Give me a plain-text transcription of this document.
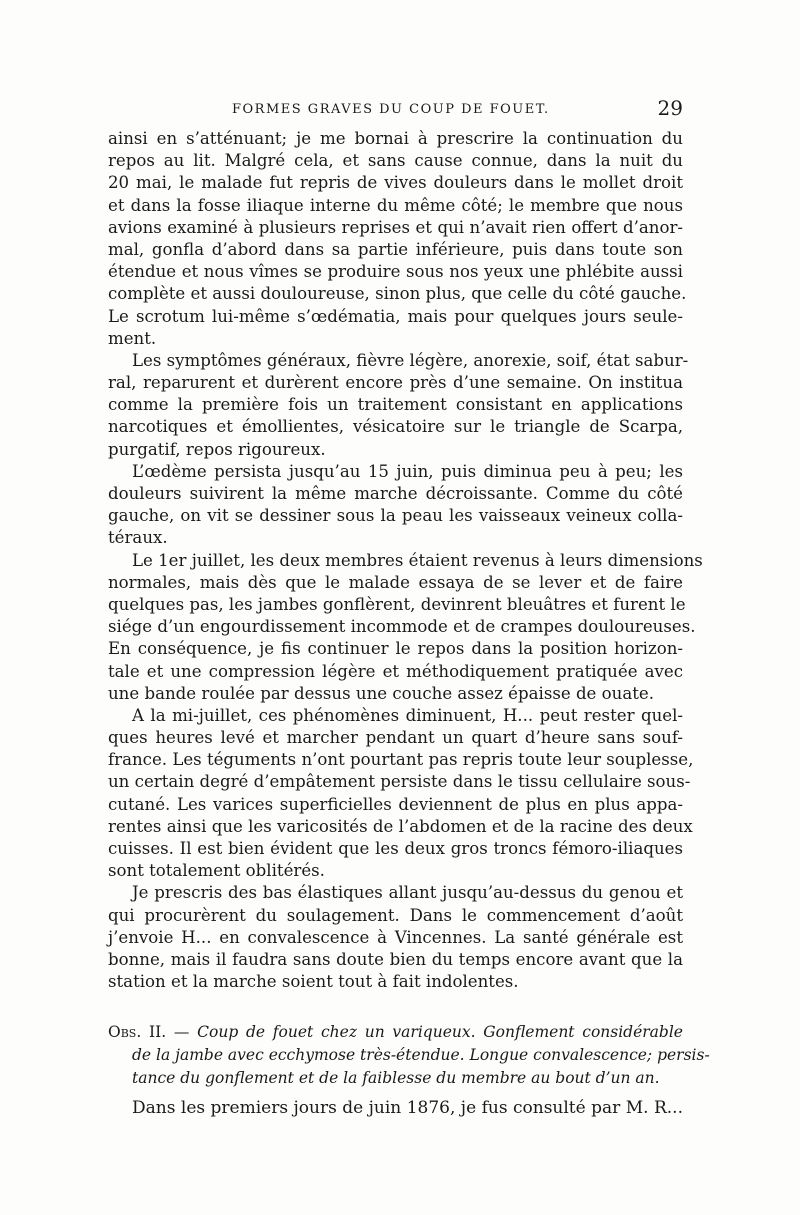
FORMES GRAVES DU COUP DE FOUET.	29
ainsi en s’atténuant; je me bornai à prescrire la continuation du
repos au lit. Malgré cela, et sans cause connue, dans la nuit du
20 mai, le malade fut repris de vives douleurs dans le mollet droit
et dans la fosse iliaque interne du même côté; le membre que nous
avions examiné à plusieurs reprises et qui n’avait rien offert d’anor-
mal, gonfla d’abord dans sa partie inférieure, puis dans toute son
étendue et nous vîmes se produire sous nos yeux une phlébite aussi
complète et aussi douloureuse, sinon plus, que celle du côté gauche.
Le scrotum lui-même s’œdématia, mais pour quelques jours seule-
ment.
Les symptômes généraux, fièvre légère, anorexie, soif, état sabur-
ral, reparurent et durèrent encore près d’une semaine. On institua
comme la première fois un traitement consistant en applications
narcotiques et émollientes, vésicatoire sur le triangle de Scarpa,
purgatif, repos rigoureux.
L’œdème persista jusqu’au 15 juin, puis diminua peu à peu; les
douleurs suivirent la même marche décroissante. Comme du côté
gauche, on vit se dessiner sous la peau les vaisseaux veineux colla-
téraux.
Le 1er juillet, les deux membres étaient revenus à leurs dimensions
normales, mais dès que le malade essaya de se lever et de faire
quelques pas, les jambes gonflèrent, devinrent bleuâtres et furent le
siége d’un engourdissement incommode et de crampes douloureuses.
En conséquence, je fis continuer le repos dans la position horizon-
tale et une compression légère et méthodiquement pratiquée avec
une bande roulée par dessus une couche assez épaisse de ouate.
A la mi-juillet, ces phénomènes diminuent, H... peut rester quel-
ques heures levé et marcher pendant un quart d’heure sans souf-
france. Les téguments n’ont pourtant pas repris toute leur souplesse,
un certain degré d’empâtement persiste dans le tissu cellulaire sous-
cutané. Les varices superficielles deviennent de plus en plus appa-
rentes ainsi que les varicosités de l’abdomen et de la racine des deux
cuisses. Il est bien évident que les deux gros troncs fémoro-iliaques
sont totalement oblitérés.
Je prescris des bas élastiques allant jusqu’au-dessus du genou et
qui procurèrent du soulagement. Dans le commencement d’août
j’envoie H... en convalescence à Vincennes. La santé générale est
bonne, mais il faudra sans doute bien du temps encore avant que la
station et la marche soient tout à fait indolentes.
Obs. II. — Coup de fouet chez un variqueux. Gonflement considérable
de la jambe avec ecchymose très-étendue. Longue convalescence; persis-
tance du gonflement et de la faiblesse du membre au bout d’un an.
Dans les premiers jours de juin 1876, je fus consulté par M. R...
